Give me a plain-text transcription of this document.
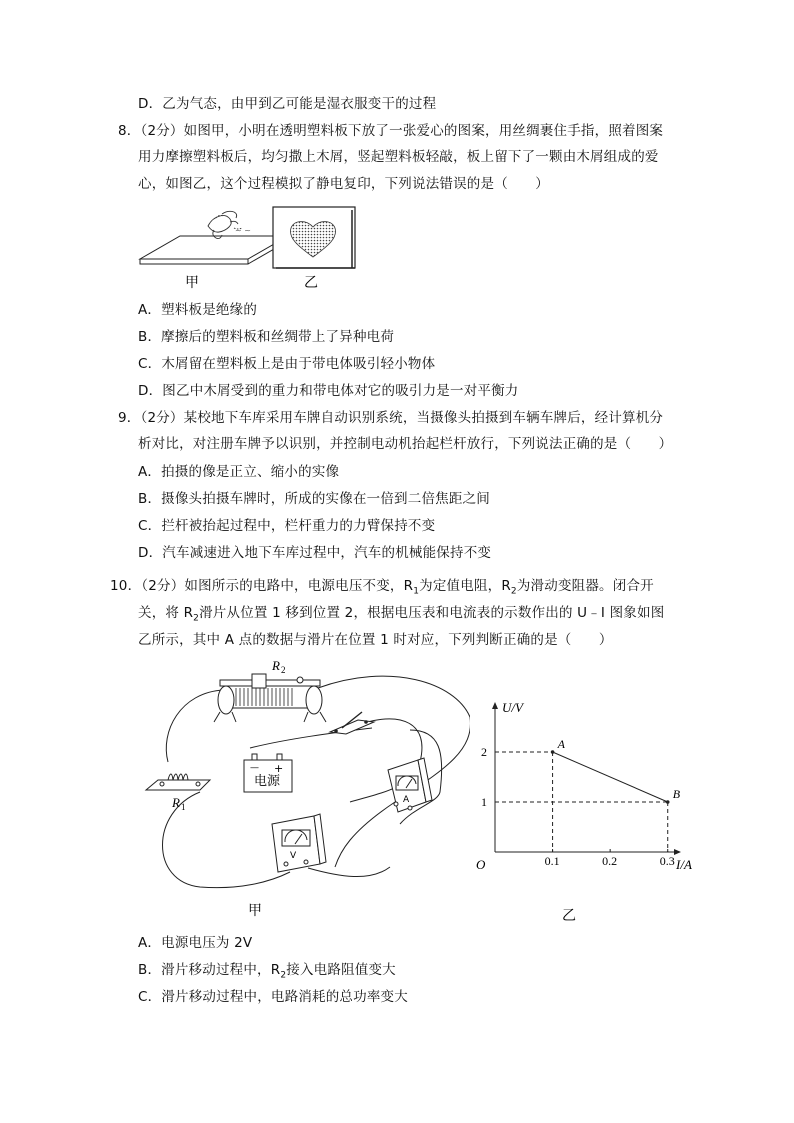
D．乙为气态，由甲到乙可能是湿衣服变干的过程
8．（2分）如图甲，小明在透明塑料板下放了一张爱心的图案，用丝绸裹住手指，照着图案
用力摩擦塑料板后，均匀撒上木屑，竖起塑料板轻敲，板上留下了一颗由木屑组成的爱
心，如图乙，这个过程模拟了静电复印，下列说法错误的是（　　）
~ ~
甲	乙
A．塑料板是绝缘的
B．摩擦后的塑料板和丝绸带上了异种电荷
C．木屑留在塑料板上是由于带电体吸引轻小物体
D．图乙中木屑受到的重力和带电体对它的吸引力是一对平衡力
9．（2分）某校地下车库采用车牌自动识别系统，当摄像头拍摄到车辆车牌后，经计算机分
析对比，对注册车牌予以识别，并控制电动机抬起栏杆放行，下列说法正确的是（　　）
A．拍摄的像是正立、缩小的实像
B．摄像头拍摄车牌时，所成的实像在一倍到二倍焦距之间
C．拦杆被抬起过程中，栏杆重力的力臂保持不变
D．汽车减速进入地下车库过程中，汽车的机械能保持不变
10．（2分）如图所示的电路中，电源电压不变，$R_1$为定值电阻，$R_2$为滑动变阻器。闭合开
关，将 $R_2$滑片从位置 1 移到位置 2，根据电压表和电流表的示数作出的 U﹣I 图象如图
乙所示，其中 A 点的数据与滑片在位置 1 时对应，下列判断正确的是（　　）
R 2
— +
电源
R 1
A
V
甲
U/V
I/A
O	0.1	0.2	0.3
1
2
A
B
乙
A．电源电压为 2V
B．滑片移动过程中，$R_2$接入电路阻值变大
C．滑片移动过程中，电路消耗的总功率变大
